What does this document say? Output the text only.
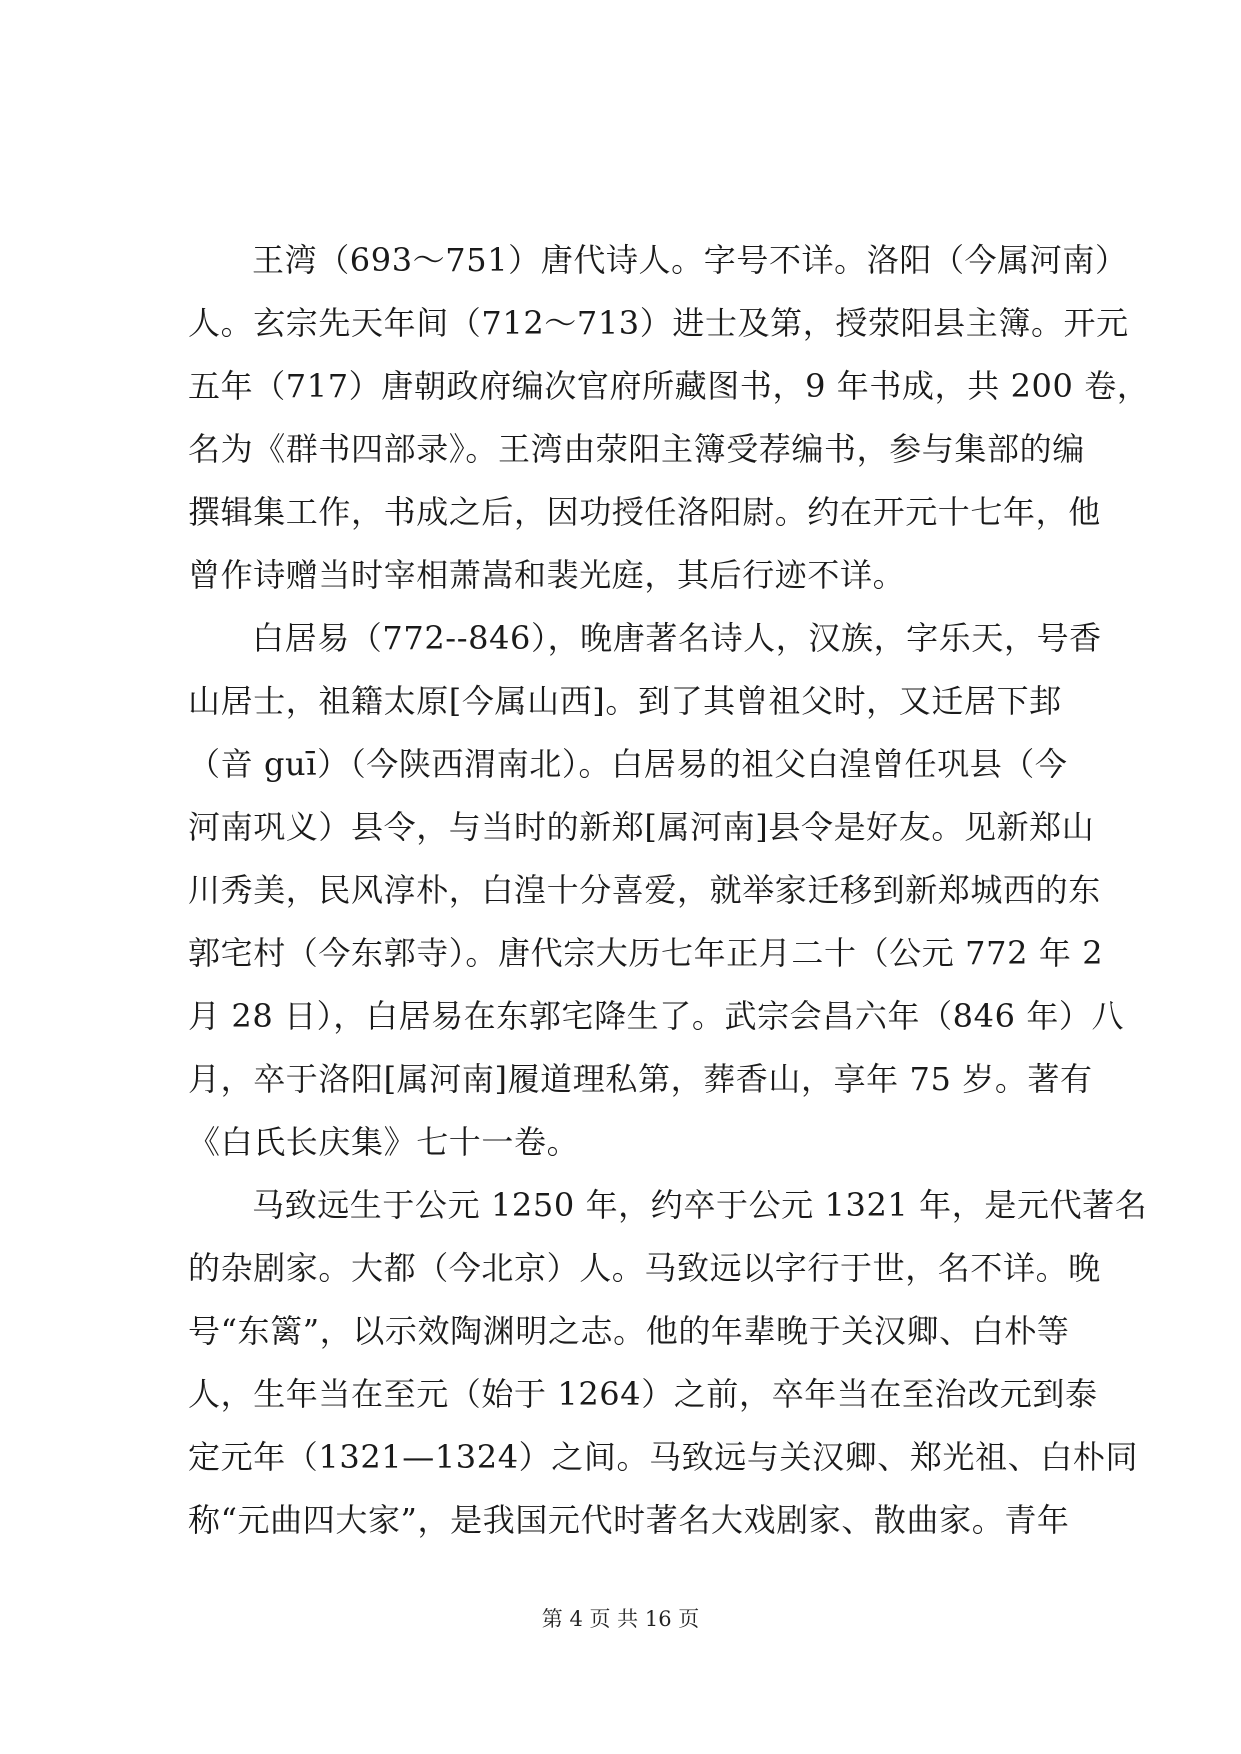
王湾（693～751）唐代诗人。字号不详。洛阳（今属河南）
人。玄宗先天年间（712～713）进士及第，授荥阳县主簿。开元
五年（717）唐朝政府编次官府所藏图书，9 年书成，共 200 卷，
名为《群书四部录》。王湾由荥阳主簿受荐编书，参与集部的编
撰辑集工作，书成之后，因功授任洛阳尉。约在开元十七年，他
曾作诗赠当时宰相萧嵩和裴光庭，其后行迹不详。
白居易（772--846），晚唐著名诗人，汉族，字乐天，号香
山居士，祖籍太原[今属山西]。到了其曾祖父时，又迁居下邽
（音 guī）（今陕西渭南北）。白居易的祖父白湟曾任巩县（今
河南巩义）县令，与当时的新郑[属河南]县令是好友。见新郑山
川秀美，民风淳朴，白湟十分喜爱，就举家迁移到新郑城西的东
郭宅村（今东郭寺）。唐代宗大历七年正月二十（公元 772 年 2
月 28 日），白居易在东郭宅降生了。武宗会昌六年（846 年）八
月，卒于洛阳[属河南]履道理私第，葬香山，享年 75 岁。著有
《白氏长庆集》七十一卷。
马致远生于公元 1250 年，约卒于公元 1321 年，是元代著名
的杂剧家。大都（今北京）人。马致远以字行于世，名不详。晚
号“东篱”，以示效陶渊明之志。他的年辈晚于关汉卿、白朴等
人，生年当在至元（始于 1264）之前，卒年当在至治改元到泰
定元年（1321—1324）之间。马致远与关汉卿、郑光祖、白朴同
称“元曲四大家”，是我国元代时著名大戏剧家、散曲家。青年
第 4 页 共 16 页
